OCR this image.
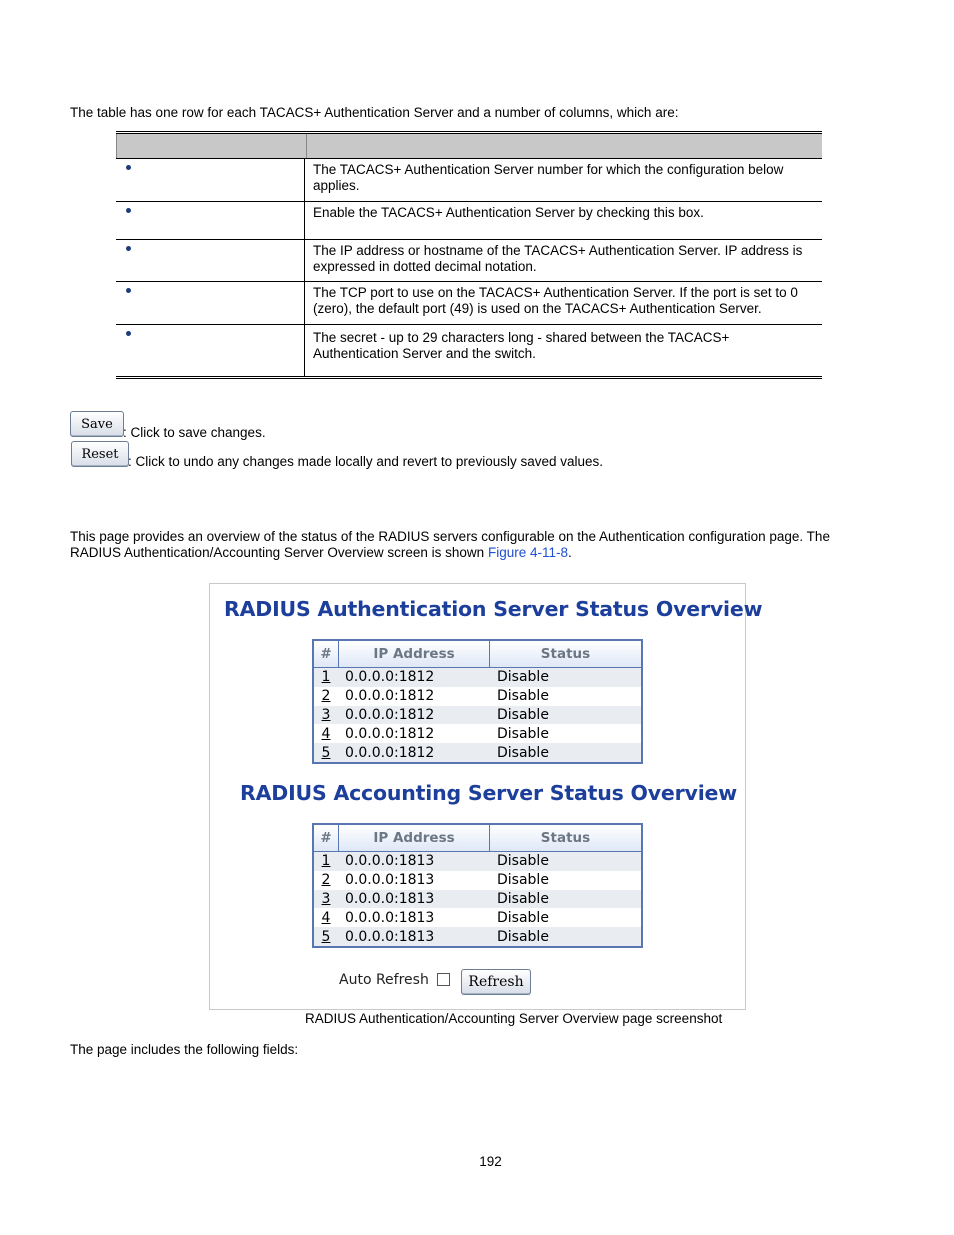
The table has one row for each TACACS+ Authentication Server and a number of columns, which are:
The TACACS+ Authentication Server number for which the configuration below applies.
Enable the TACACS+ Authentication Server by checking this box.
The IP address or hostname of the TACACS+ Authentication Server. IP address is expressed in dotted decimal notation.
The TCP port to use on the TACACS+ Authentication Server. If the port is set to 0 (zero), the default port (49) is used on the TACACS+ Authentication Server.
The secret - up to 29 characters long - shared between the TACACS+ Authentication Server and the switch.
Save
: Click to save changes.
Reset : Click to undo any changes made locally and revert to previously saved values.
This page provides an overview of the status of the RADIUS servers configurable on the Authentication configuration page. The RADIUS Authentication/Accounting Server Overview screen is shown Figure 4-11-8.
RADIUS Authentication Server Status Overview
#	IP Address	Status
1	0.0.0.0:1812	Disable
2	0.0.0.0:1812	Disable
3	0.0.0.0:1812	Disable
4	0.0.0.0:1812	Disable
5	0.0.0.0:1812	Disable
RADIUS Accounting Server Status Overview
#	IP Address	Status
1	0.0.0.0:1813	Disable
2	0.0.0.0:1813	Disable
3	0.0.0.0:1813	Disable
4	0.0.0.0:1813	Disable
5	0.0.0.0:1813	Disable
Auto Refresh	Refresh
RADIUS Authentication/Accounting Server Overview page screenshot
The page includes the following fields:
192
